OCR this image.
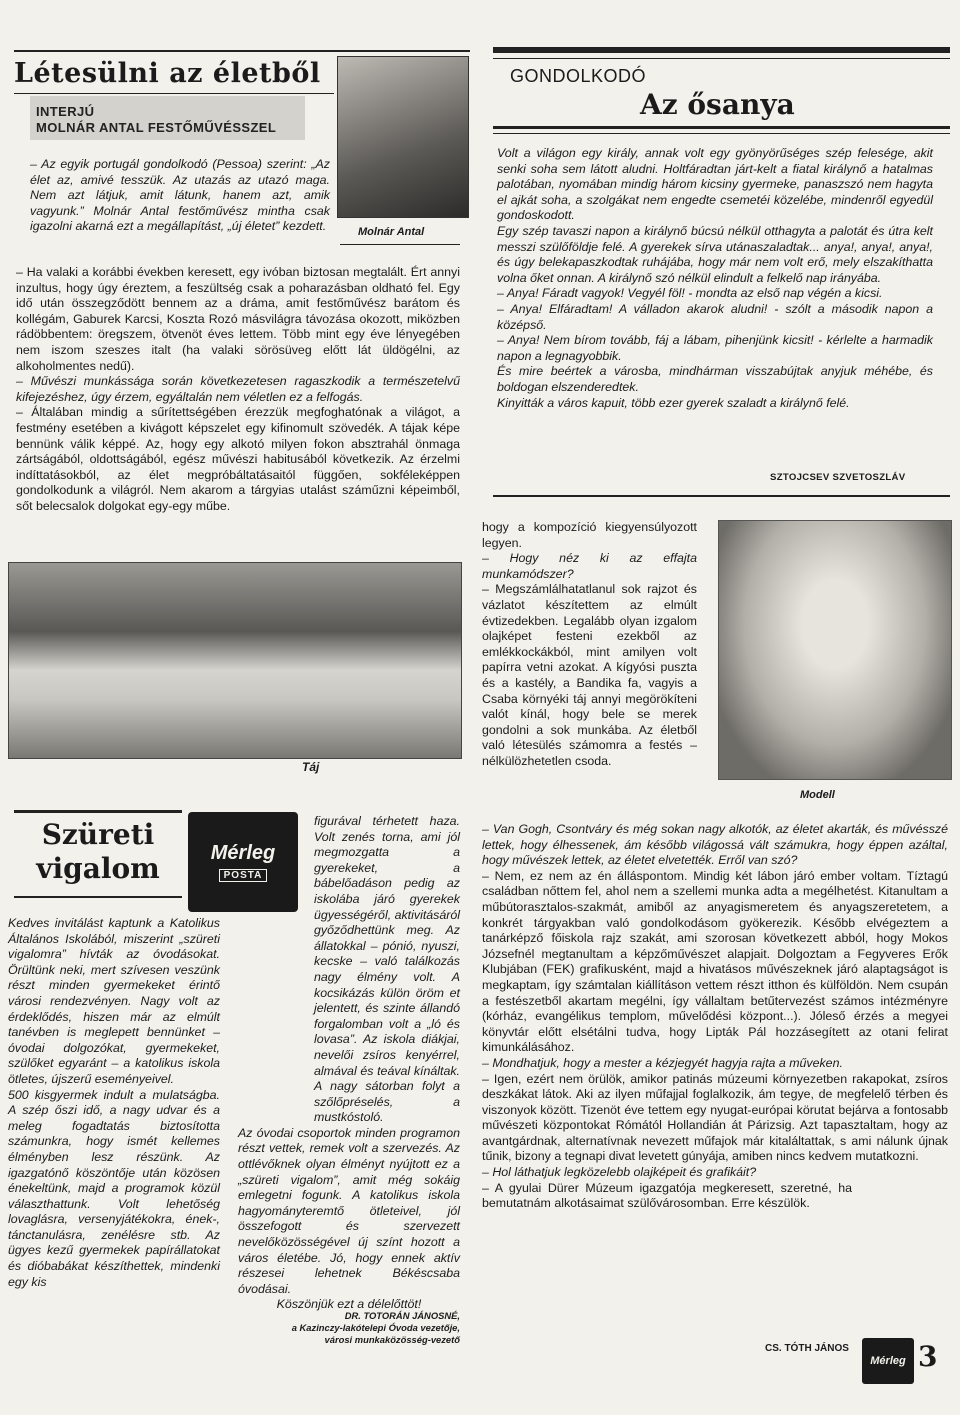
Létesülni az életből
INTERJÚ
MOLNÁR ANTAL FESTŐMŰVÉSSZEL
Molnár Antal

– Az egyik portugál gondolkodó (Pessoa) szerint: „Az élet az, amivé tesszük. Az utazás az utazó maga. Nem azt látjuk, amit látunk, hanem azt, amik vagyunk.” Molnár Antal festőművész mintha csak igazolni akarná ezt a megállapítást, „új életet” kezdett.

– Ha valaki a korábbi években keresett, egy ivóban biztosan megtalált. Ért annyi inzultus, hogy úgy éreztem, a feszültség csak a poharazásban oldható fel. Egy idő után összegződött bennem az a dráma, amit festőművész barátom és kollégám, Gaburek Karcsi, Koszta Rozó másvilágra távozása okozott, miközben rádöbbentem: öregszem, ötvenöt éves lettem. Több mint egy éve lényegében nem iszom szeszes italt (ha valaki sörösüveg előtt lát üldögélni, az alkoholmentes nedű).

– Művészi munkássága során következetesen ragaszkodik a természetelvű kifejezéshez, úgy érzem, egyáltalán nem véletlen ez a felfogás.

– Általában mindig a sűrítettségében érezzük megfoghatónak a világot, a festmény esetében a kivágott képszelet egy kifinomult szövedék. A tájak képe bennünk válik képpé. Az, hogy egy alkotó milyen fokon absztrahál önmaga zártságából, oldottságából, egész művészi habitusából következik. Az érzelmi indíttatásokból, az élet megpróbáltatásaitól függően, sokféleképpen gondolkodunk a világról. Nem akarom a tárgyias utalást száműzni képeimből, sőt belecsalok dolgokat egy-egy műbe.

Táj
Szüreti
vigalom	Mérleg
POSTA

Kedves invitálást kaptunk a Katolikus Általános Iskolából, miszerint „szüreti vigalomra” hívták az óvodásokat. Örültünk neki, mert szívesen veszünk részt minden gyermekeket érintő városi rendezvényen. Nagy volt az érdeklődés, hiszen már az elmúlt tanévben is meglepett bennünket – óvodai dolgozókat, gyermekeket, szülőket egyaránt – a katolikus iskola ötletes, újszerű eseményeivel.

500 kisgyermek indult a mulatságba. A szép őszi idő, a nagy udvar és a meleg fogadtatás biztosította számunkra, hogy ismét kellemes élményben lesz részünk. Az igazgatónő köszöntője után közösen énekeltünk, majd a programok közül választhattunk. Volt lehetőség lovaglásra, versenyjátékokra, ének-, tánctanulásra, zenélésre stb. Az ügyes kezű gyermekek papírállatokat és dióbabákat készíthettek, mindenki egy kis

figurával térhetett haza. Volt zenés torna, ami jól megmozgatta a gyerekeket, a bábelőadáson pedig az iskolába járó gyerekek ügyességéről, aktivitásáról győződhettünk meg. Az állatokkal – pónió, nyuszi, kecske – való találkozás nagy élmény volt. A kocsikázás külön öröm et jelentett, és szinte állandó forgalomban volt a „ló és lovasa”. Az iskola diákjai, nevelői zsíros kenyérrel, almával és teával kínáltak. A nagy sátorban folyt a szőlőpréselés, a mustkóstoló.

Az óvodai csoportok minden programon részt vettek, remek volt a szervezés. Az ottlévőknek olyan élményt nyújtott ez a „szüreti vigalom”, amit még sokáig emlegetni fogunk. A katolikus iskola hagyományteremtő ötleteivel, jól összefogott és szervezett nevelőközösségével új színt hozott a város életébe. Jó, hogy ennek aktív részesei lehetnek Békéscsaba óvodásai.

Köszönjük ezt a délelőttöt!

DR. TOTORÁN JÁNOSNÉ,
a Kazinczy-lakótelepi Óvoda vezetője,
városi munkaközösség-vezető
GONDOLKODÓ
Az ősanya

Volt a világon egy király, annak volt egy gyönyörűséges szép felesége, akit senki soha sem látott aludni. Holtfáradtan járt-kelt a fiatal királynő a hatalmas palotában, nyomában mindig három kicsiny gyermeke, panaszszó nem hagyta el ajkát soha, a szolgákat nem engedte csemetéi közelébe, mindenről egyedül gondoskodott.

Egy szép tavaszi napon a királynő búcsú nélkül otthagyta a palotát és útra kelt messzi szülőföldje felé. A gyerekek sírva utánaszaladtak... anya!, anya!, anya!, és úgy belekapaszkodtak ruhájába, hogy már nem volt erő, mely elszakíthatta volna őket onnan. A királynő szó nélkül elindult a felkelő nap irányába.

– Anya! Fáradt vagyok! Vegyél föl! - mondta az első nap végén a kicsi.

– Anya! Elfáradtam! A válladon akarok aludni! - szólt a második napon a középső.

– Anya! Nem bírom tovább, fáj a lábam, pihenjünk kicsit! - kérlelte a harmadik napon a legnagyobbik.

És mire beértek a városba, mindhárman visszabújtak anyjuk méhébe, és boldogan elszenderedtek.

Kinyitták a város kapuit, több ezer gyerek szaladt a királynő felé.

SZTOJCSEV SZVETOSZLÁV

hogy a kompozíció kiegyensúlyozott legyen.

– Hogy néz ki az effajta munkamódszer?

– Megszámlálhatatlanul sok rajzot és vázlatot készítettem az elmúlt évtizedekben. Legalább olyan izgalom olajképet festeni ezekből az emlékkockákból, mint amilyen volt papírra vetni azokat. A kígyósi puszta és a kastély, a Bandika fa, vagyis a Csaba környéki táj annyi megörökíteni valót kínál, hogy bele se merek gondolni a sok munkába. Az életből való létesülés számomra a festés – nélkülözhetetlen csoda.

Modell

– Van Gogh, Csontváry és még sokan nagy alkotók, az életet akarták, és művésszé lettek, hogy élhessenek, ám később világossá vált számukra, hogy éppen azáltal, hogy művészek lettek, az életet elvetették. Erről van szó?

– Nem, ez nem az én álláspontom. Mindig két lábon járó ember voltam. Tíztagú családban nőttem fel, ahol nem a szellemi munka adta a megélhetést. Kitanultam a műbútorasztalos-szakmát, amiből az anyagismeretem és anyagszeretetem, a konkrét tárgyakban való gondolkodásom gyökerezik. Később elvégeztem a tanárképző főiskola rajz szakát, ami szorosan következett abból, hogy Mokos Józsefnél megtanultam a képzőművészet alapjait. Dolgoztam a Fegyveres Erők Klubjában (FEK) grafikusként, majd a hivatásos művészeknek járó alaptagságot is megkaptam, így számtalan kiállításon vettem részt itthon és külföldön. Nem csupán a festészetből akartam megélni, így vállaltam betűtervezést számos intézményre (kórház, evangélikus templom, művelődési központ...). Jóleső érzés a megyei könyvtár előtt elsétálni tudva, hogy Lipták Pál hozzásegített az otani felirat kimunkálásához.

– Mondhatjuk, hogy a mester a kézjegyét hagyja rajta a műveken.

– Igen, ezért nem örülök, amikor patinás múzeumi környezetben rakapokat, zsíros deszkákat látok. Aki az ilyen műfajjal foglalkozik, ám tegye, de megfelelő térben és viszonyok között. Tizenöt éve tettem egy nyugat-európai körutat bejárva a fontosabb művészeti központokat Rómától Hollandián át Párizsig. Azt tapasztaltam, hogy az avantgárdnak, alternatívnak nevezett műfajok már kitaláltattak, s ami nálunk újnak tűnik, bizony a tegnapi divat levetett gúnyája, amiben nincs kedvem mutatkozni.

– Hol láthatjuk legközelebb olajképeit és grafikáit?

– A gyulai Dürer Múzeum igazgatója megkeresett, szeretné, ha bemutatnám alkotásaimat szülővárosomban. Erre készülök.

CS. TÓTH JÁNOS
Mérleg 3
